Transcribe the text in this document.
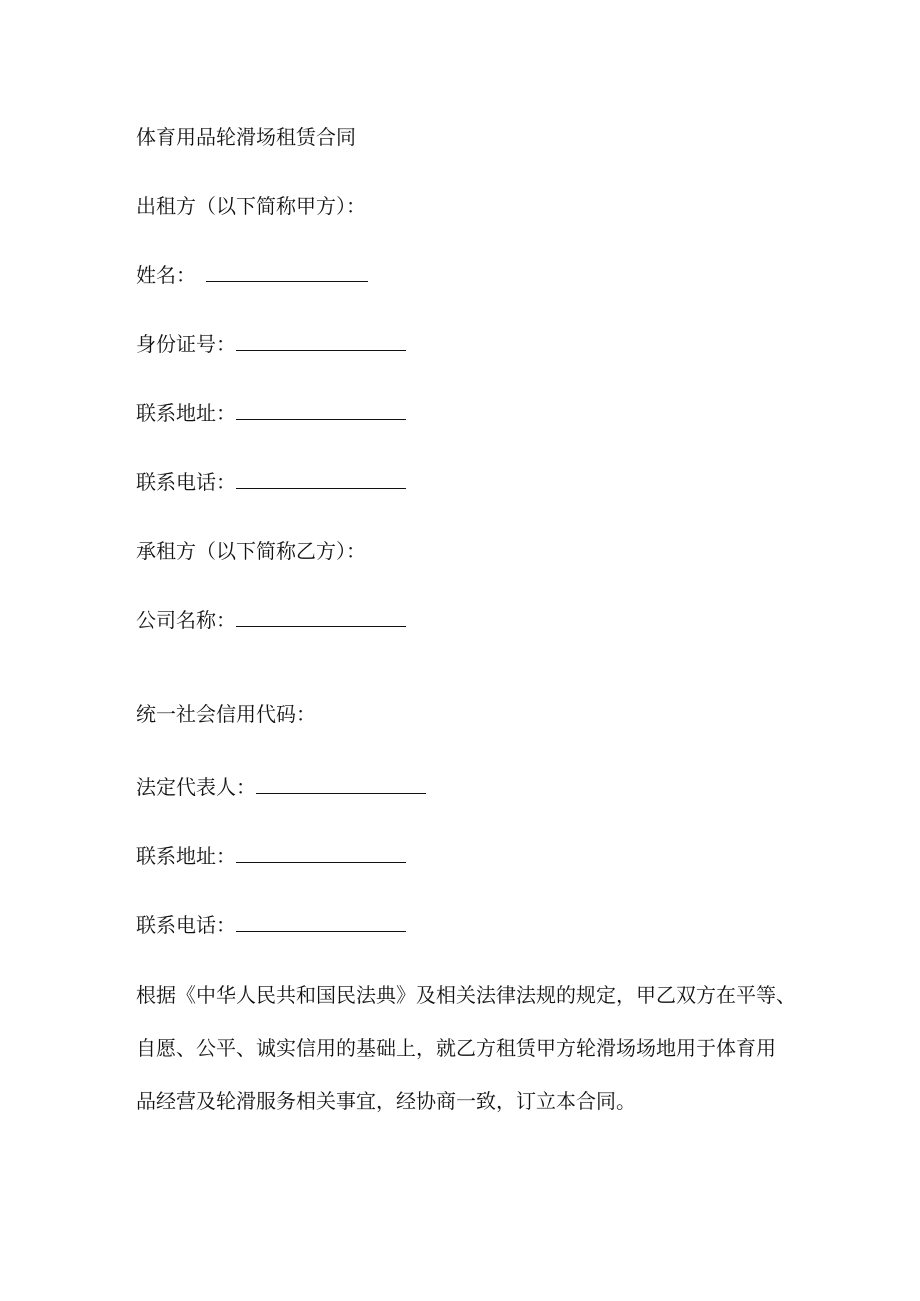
体育用品轮滑场租赁合同
出租方（以下简称甲方）：
姓名：
身份证号：
联系地址：
联系电话：
承租方（以下简称乙方）：
公司名称：
统一社会信用代码：
法定代表人：
联系地址：
联系电话：
根据《中华人民共和国民法典》及相关法律法规的规定，甲乙双方在平等、
自愿、公平、诚实信用的基础上，就乙方租赁甲方轮滑场场地用于体育用
品经营及轮滑服务相关事宜，经协商一致，订立本合同。
